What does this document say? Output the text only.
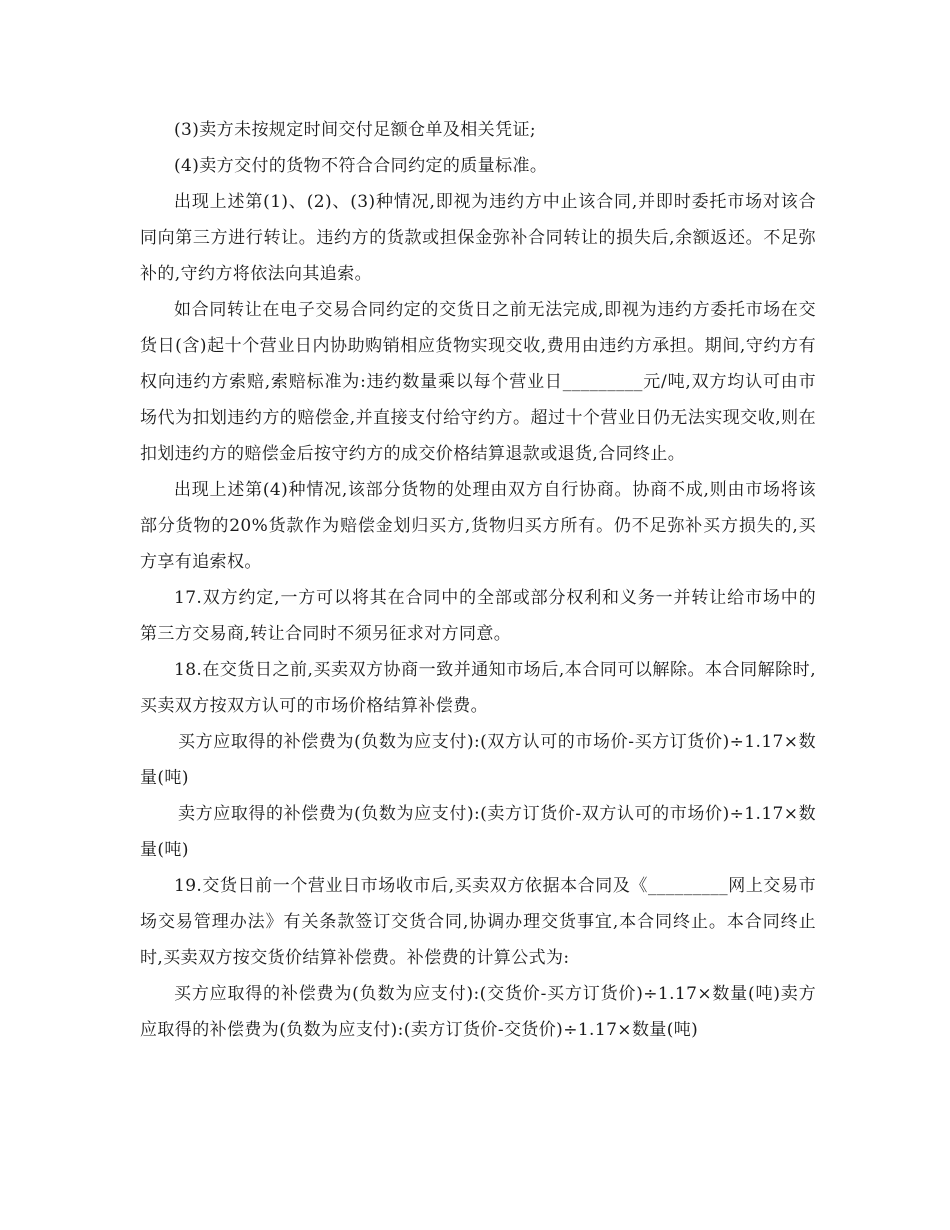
(3)卖方未按规定时间交付足额仓单及相关凭证;

(4)卖方交付的货物不符合合同约定的质量标准。

出现上述第(1)、(2)、(3)种情况,即视为违约方中止该合同,并即时委托市场对该合同向第三方进行转让。违约方的货款或担保金弥补合同转让的损失后,余额返还。不足弥补的,守约方将依法向其追索。

如合同转让在电子交易合同约定的交货日之前无法完成,即视为违约方委托市场在交货日(含)起十个营业日内协助购销相应货物实现交收,费用由违约方承担。期间,守约方有权向违约方索赔,索赔标准为:违约数量乘以每个营业日_________元/吨,双方均认可由市场代为扣划违约方的赔偿金,并直接支付给守约方。超过十个营业日仍无法实现交收,则在扣划违约方的赔偿金后按守约方的成交价格结算退款或退货,合同终止。

出现上述第(4)种情况,该部分货物的处理由双方自行协商。协商不成,则由市场将该部分货物的20%货款作为赔偿金划归买方,货物归买方所有。仍不足弥补买方损失的,买方享有追索权。

17.双方约定,一方可以将其在合同中的全部或部分权利和义务一并转让给市场中的第三方交易商,转让合同时不须另征求对方同意。

18.在交货日之前,买卖双方协商一致并通知市场后,本合同可以解除。本合同解除时,买卖双方按双方认可的市场价格结算补偿费。

买方应取得的补偿费为(负数为应支付):(双方认可的市场价-买方订货价)÷1.17×数量(吨)

卖方应取得的补偿费为(负数为应支付):(卖方订货价-双方认可的市场价)÷1.17×数量(吨)

19.交货日前一个营业日市场收市后,买卖双方依据本合同及《_________网上交易市场交易管理办法》有关条款签订交货合同,协调办理交货事宜,本合同终止。本合同终止时,买卖双方按交货价结算补偿费。补偿费的计算公式为:

买方应取得的补偿费为(负数为应支付):(交货价-买方订货价)÷1.17×数量(吨)卖方应取得的补偿费为(负数为应支付):(卖方订货价-交货价)÷1.17×数量(吨)
